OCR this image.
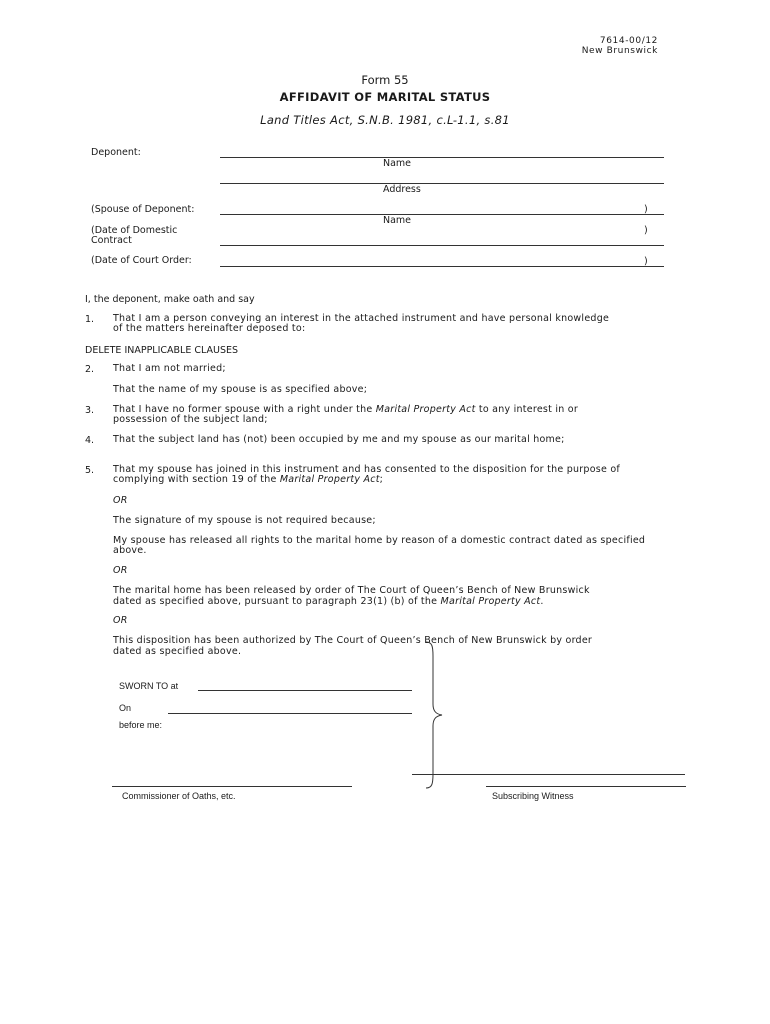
7614-00/12
New Brunswick
Form 55
AFFIDAVIT OF MARITAL STATUS
Land Titles Act, S.N.B. 1981, c.L-1.1, s.81
Deponent:
Name
Address
(Spouse of Deponent:	)
Name
(Date of Domestic
Contract
)
(Date of Court Order:	)
I, the deponent, make oath and say
1. That I am a person conveying an interest in the attached instrument and have personal knowledge
of the matters hereinafter deposed to:
DELETE INAPPLICABLE CLAUSES
2. That I am not married;
That the name of my spouse is as specified above;
3. That I have no former spouse with a right under the Marital Property Act to any interest in or
possession of the subject land;
4. That the subject land has (not) been occupied by me and my spouse as our marital home;
5. That my spouse has joined in this instrument and has consented to the disposition for the purpose of
complying with section 19 of the Marital Property Act;
OR
The signature of my spouse is not required because;
My spouse has released all rights to the marital home by reason of a domestic contract dated as specified
above.
OR
The marital home has been released by order of The Court of Queen’s Bench of New Brunswick
dated as specified above, pursuant to paragraph 23(1) (b) of the Marital Property Act.
OR
This disposition has been authorized by The Court of Queen’s Bench of New Brunswick by order
dated as specified above.
SWORN TO at
On
before me:
Commissioner of Oaths, etc.	Subscribing Witness
